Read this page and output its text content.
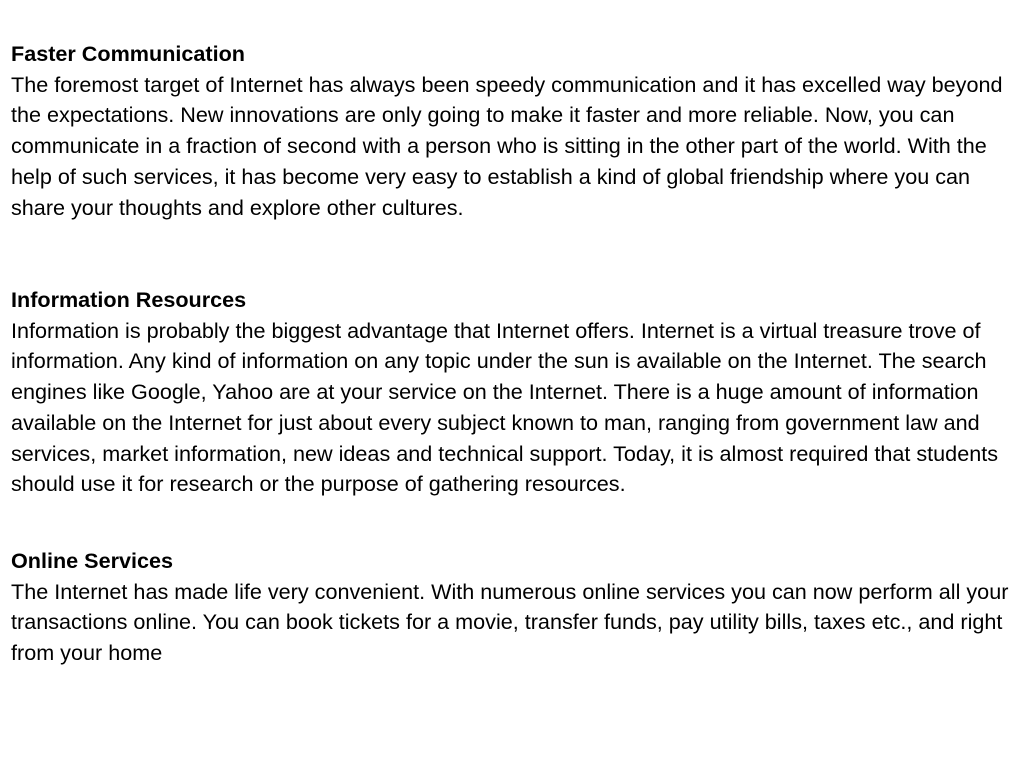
Faster Communication

The foremost target of Internet has always been speedy communication and it has excelled way beyond the expectations. New innovations are only going to make it faster and more reliable. Now, you can communicate in a fraction of second with a person who is sitting in the other part of the world. With the help of such services, it has become very easy to establish a kind of global friendship where you can share your thoughts and explore other cultures.

Information Resources

Information is probably the biggest advantage that Internet offers. Internet is a virtual treasure trove of information. Any kind of information on any topic under the sun is available on the Internet. The search engines like Google, Yahoo are at your service on the Internet. There is a huge amount of information available on the Internet for just about every subject known to man, ranging from government law and services, market information, new ideas and technical support. Today, it is almost required that students should use it for research or the purpose of gathering resources.

Online Services

The Internet has made life very convenient. With numerous online services you can now perform all your transactions online. You can book tickets for a movie, transfer funds, pay utility bills, taxes etc., and right from your home
